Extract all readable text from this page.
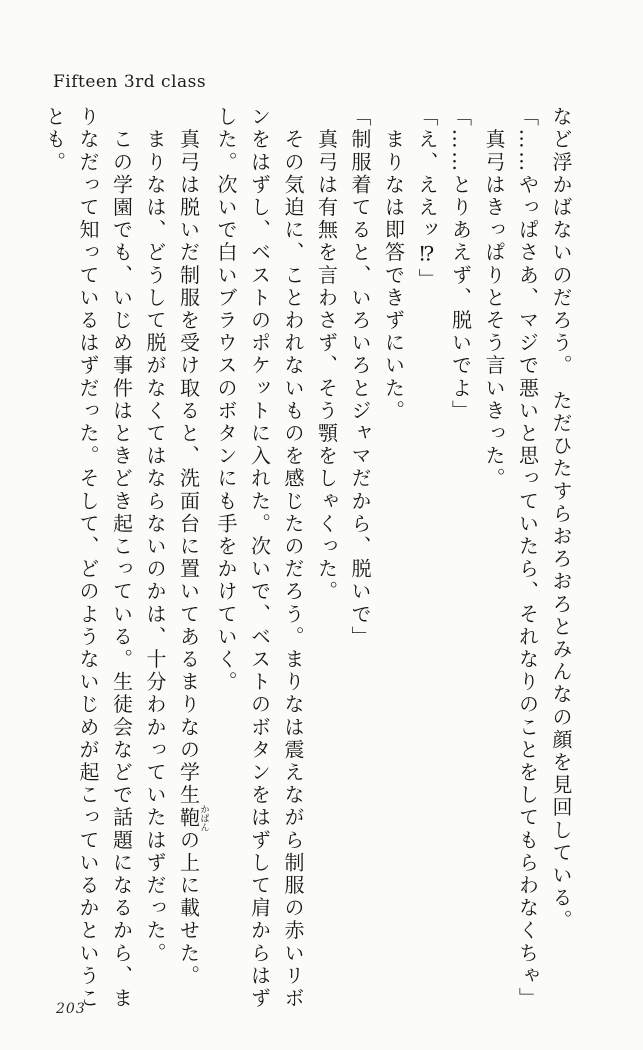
Fifteen 3rd class
など浮かばないのだろう。　ただひたすらおろおろとみんなの顔を見回している。
「……やっぱさあ、マジで悪いと思っていたら、それなりのことをしてもらわなくちゃ」
　真弓はきっぱりとそう言いきった。
「……とりあえず、脱いでよ」
「え、ええッ⁉」
　まりなは即答できずにいた。
「制服着てると、いろいろとジャマだから、脱いで」
　真弓は有無を言わさず、そう顎をしゃくった。
　その気迫に、ことわれないものを感じたのだろう。まりなは震えながら制服の赤いリボ
ンをはずし、ベストのポケットに入れた。次いで、ベストのボタンをはずして肩からはず
した。次いで白いブラウスのボタンにも手をかけていく。
　真弓は脱いだ制服を受け取ると、洗面台に置いてあるまりなの学生鞄かばんの上に載せた。
　まりなは、どうして脱がなくてはならないのかは、十分わかっていたはずだった。
　この学園でも、いじめ事件はときどき起こっている。生徒会などで話題になるから、ま
りなだって知っているはずだった。そして、どのようないじめが起こっているかというこ
とも。
203
